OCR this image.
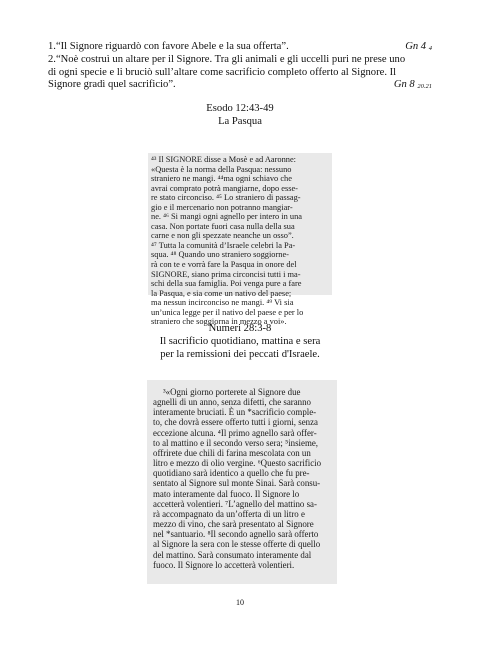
1.“Il Signore riguardò con favore Abele e la sua offerta”.	Gn 4 $_4$
2.“Noè costruì un altare per il Signore. Tra gli animali e gli uccelli puri ne prese uno
di ogni specie e li bruciò sull’altare come sacrificio completo offerto al Signore. Il
Signore gradì quel sacrificio”.	Gn 8 $_{20.21}$
Esodo 12:43-49
La Pasqua
⁴³ Il SIGNORE disse a Mosè e ad Aaronne:
«Questa è la norma della Pasqua: nessuno
straniero ne mangi. ⁴⁴ma ogni schiavo che
avrai comprato potrà mangiarne, dopo esse-
re stato circonciso. ⁴⁵ Lo straniero di passag-
gio e il mercenario non potranno mangiar-
ne. ⁴⁶ Si mangi ogni agnello per intero in una
casa. Non portate fuori casa nulla della sua
carne e non gli spezzate neanche un osso”.
⁴⁷ Tutta la comunità d’Israele celebri la Pa-
squa. ⁴⁸ Quando uno straniero soggiorne-
rà con te e vorrà fare la Pasqua in onore del
SIGNORE, siano prima circoncisi tutti i ma-
schi della sua famiglia. Poi venga pure a fare
la Pasqua, e sia come un nativo del paese;
ma nessun incirconciso ne mangi. ⁴⁹ Vi sia
un’unica legge per il nativo del paese e per lo
straniero che soggiorna in mezzo a voi».
Numeri 28:3-8
Il sacrificio quotidiano, mattina e sera
per la remissioni dei peccati d'Israele.
³«Ogni giorno porterete al Signore due
agnelli di un anno, senza difetti, che saranno
interamente bruciati. È un *sacrificio comple-
to, che dovrà essere offerto tutti i giorni, senza
eccezione alcuna. ⁴Il primo agnello sarà offer-
to al mattino e il secondo verso sera; ⁵insieme,
offrirete due chili di farina mescolata con un
litro e mezzo di olio vergine. ⁶Questo sacrificio
quotidiano sarà identico a quello che fu pre-
sentato al Signore sul monte Sinai. Sarà consu-
mato interamente dal fuoco. Il Signore lo
accetterà volentieri. ⁷L’agnello del mattino sa-
rà accompagnato da un’offerta di un litro e
mezzo di vino, che sarà presentato al Signore
nel *santuario. ⁸Il secondo agnello sarà offerto
al Signore la sera con le stesse offerte di quello
del mattino. Sarà consumato interamente dal
fuoco. Il Signore lo accetterà volentieri.
10
